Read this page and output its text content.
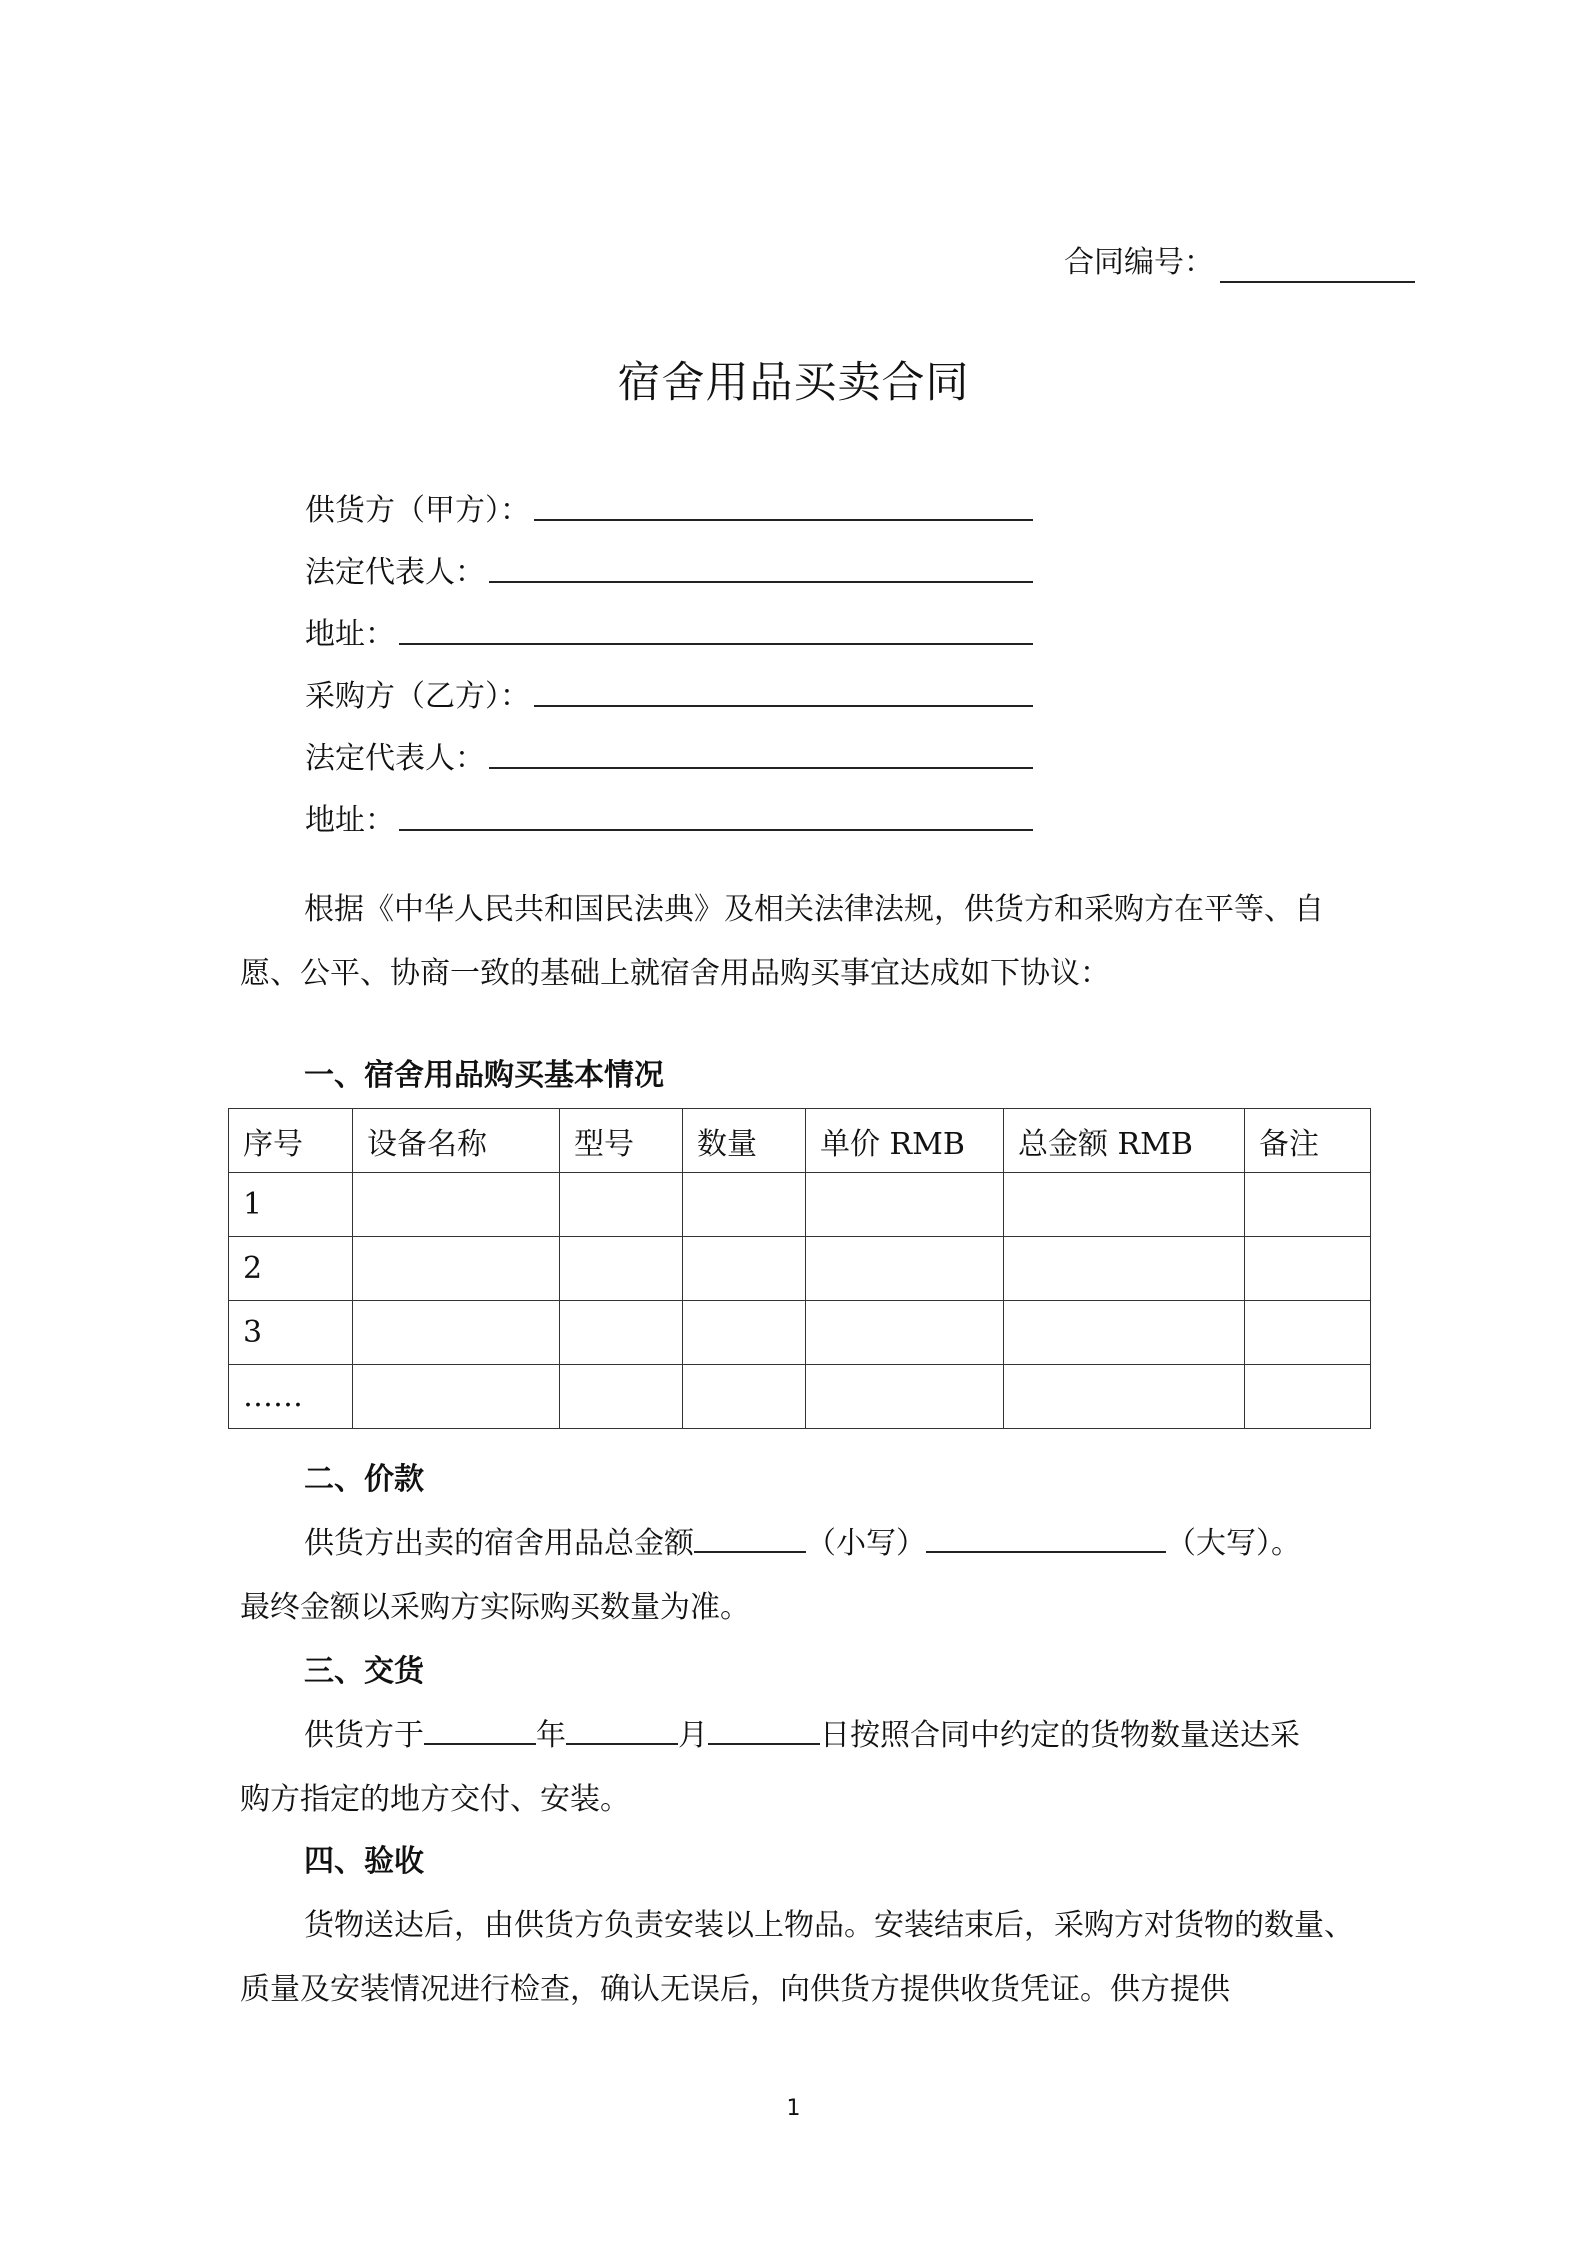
合同编号：
宿舍用品买卖合同
供货方（甲方）：
法定代表人：
地址：
采购方（乙方）：
法定代表人：
地址：

根据《中华人民共和国民法典》及相关法律法规，供货方和采购方在平等、自愿、公平、协商一致的基础上就宿舍用品购买事宜达成如下协议：

一、宿舍用品购买基本情况

序号	设备名称	型号	数量	单价 RMB	总金额 RMB	备注
1						
2						
3						
……						

二、价款

供货方出卖的宿舍用品总金额	（小写）	（大写）。

最终金额以采购方实际购买数量为准。

三、交货

供货方于	年	月	日按照合同中约定的货物数量送达采

购方指定的地方交付、安装。

四、验收

货物送达后，由供货方负责安装以上物品。安装结束后，采购方对货物的数量、质量及安装情况进行检查，确认无误后，向供货方提供收货凭证。供方提供

1
